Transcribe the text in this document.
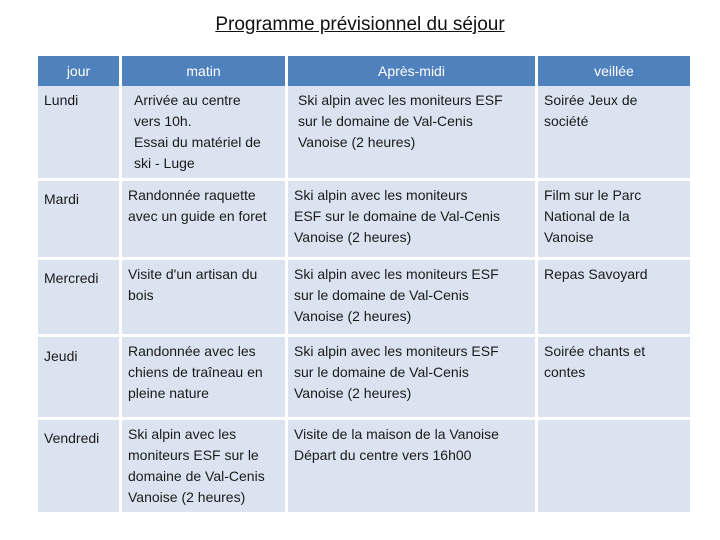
Programme prévisionnel du séjour
jour	matin	Après-midi	veillée

Lundi	Arrivée au centre
vers 10h.
Essai du matériel de
ski - Luge	Ski alpin avec les moniteurs ESF
sur le domaine de Val-Cenis
Vanoise (2 heures)	Soirée Jeux de
société

Mardi	Randonnée raquette
avec un guide en foret	Ski alpin avec les moniteurs
ESF sur le domaine de Val-Cenis
Vanoise (2 heures)	Film sur le Parc
National de la
Vanoise

Mercredi	Visite d'un artisan du
bois	Ski alpin avec les moniteurs ESF
sur le domaine de Val-Cenis
Vanoise (2 heures)	Repas Savoyard

Jeudi	Randonnée avec les
chiens de traîneau en
pleine nature	Ski alpin avec les moniteurs ESF
sur le domaine de Val-Cenis
Vanoise (2 heures)	Soirée chants et
contes

Vendredi	Ski alpin avec les
moniteurs ESF sur le
domaine de Val-Cenis
Vanoise (2 heures)	Visite de la maison de la Vanoise
Départ du centre vers 16h00	
